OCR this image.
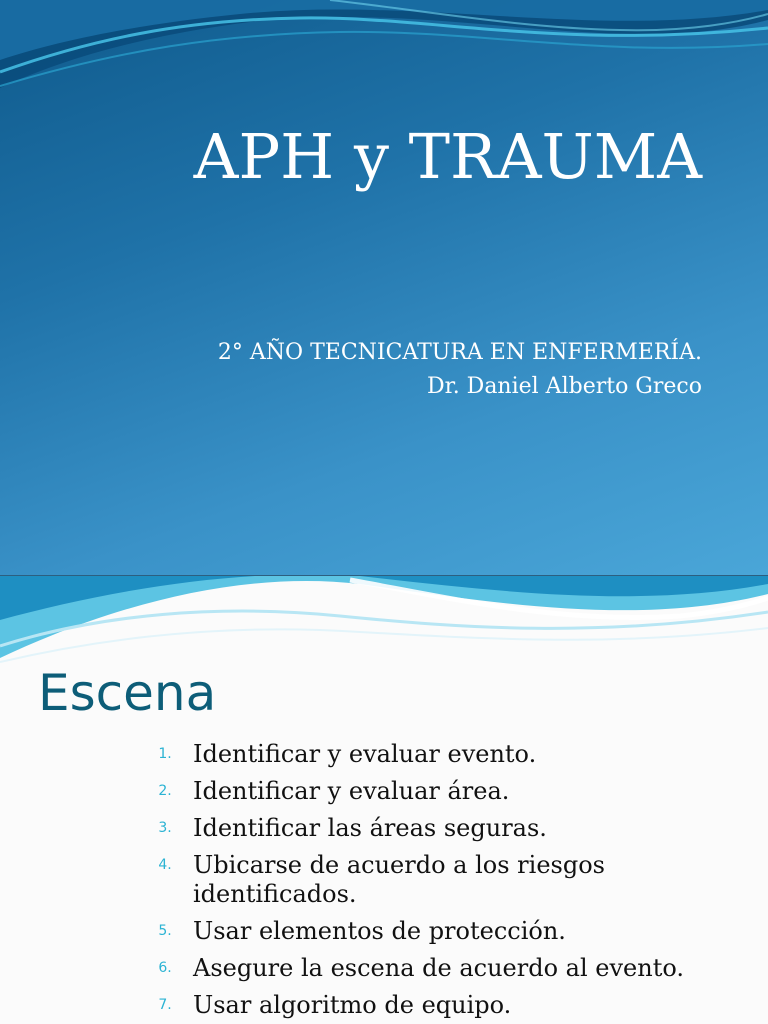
APH y TRAUMA
2° AÑO TECNICATURA EN ENFERMERÍA.
Dr. Daniel Alberto Greco
Escena
1. Identificar y evaluar evento.
2. Identificar y evaluar área.
3. Identificar las áreas seguras.
4. Ubicarse de acuerdo a los riesgos identificados.
5. Usar elementos de protección.
6. Asegure la escena de acuerdo al evento.
7. Usar algoritmo de equipo.
